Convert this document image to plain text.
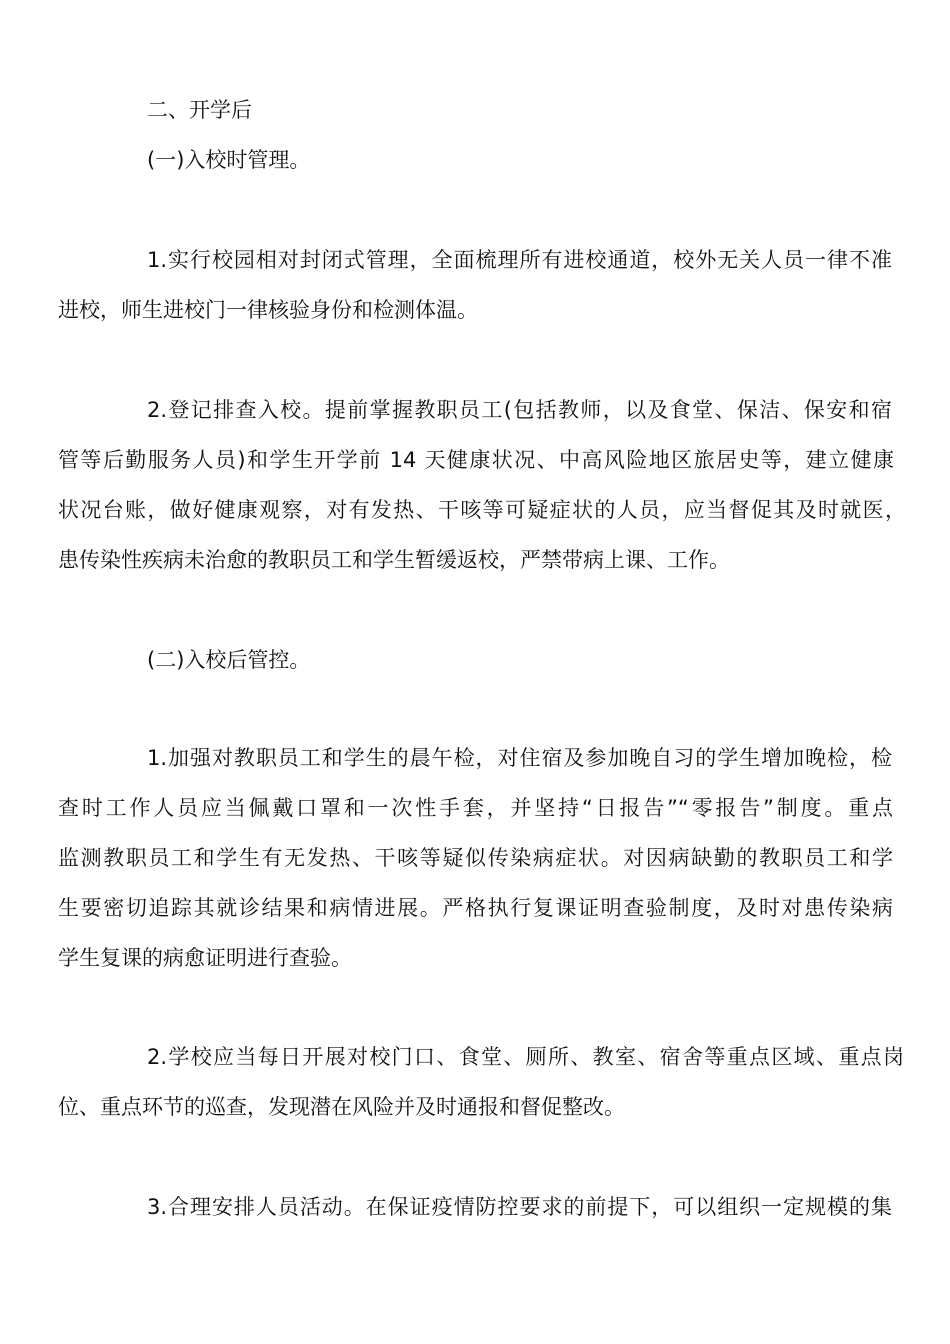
二、开学后
(一)入校时管理。
1.实行校园相对封闭式管理，全面梳理所有进校通道，校外无关人员一律不准
进校，师生进校门一律核验身份和检测体温。
2.登记排查入校。提前掌握教职员工(包括教师，以及食堂、保洁、保安和宿
管等后勤服务人员)和学生开学前 14 天健康状况、中高风险地区旅居史等，建立健康
状况台账，做好健康观察，对有发热、干咳等可疑症状的人员，应当督促其及时就医，
患传染性疾病未治愈的教职员工和学生暂缓返校，严禁带病上课、工作。
(二)入校后管控。
1.加强对教职员工和学生的晨午检，对住宿及参加晚自习的学生增加晚检，检
查时工作人员应当佩戴口罩和一次性手套，并坚持“日报告”“零报告”制度。重点
监测教职员工和学生有无发热、干咳等疑似传染病症状。对因病缺勤的教职员工和学
生要密切追踪其就诊结果和病情进展。严格执行复课证明查验制度，及时对患传染病
学生复课的病愈证明进行查验。
2.学校应当每日开展对校门口、食堂、厕所、教室、宿舍等重点区域、重点岗
位、重点环节的巡查，发现潜在风险并及时通报和督促整改。
3.合理安排人员活动。在保证疫情防控要求的前提下，可以组织一定规模的集
